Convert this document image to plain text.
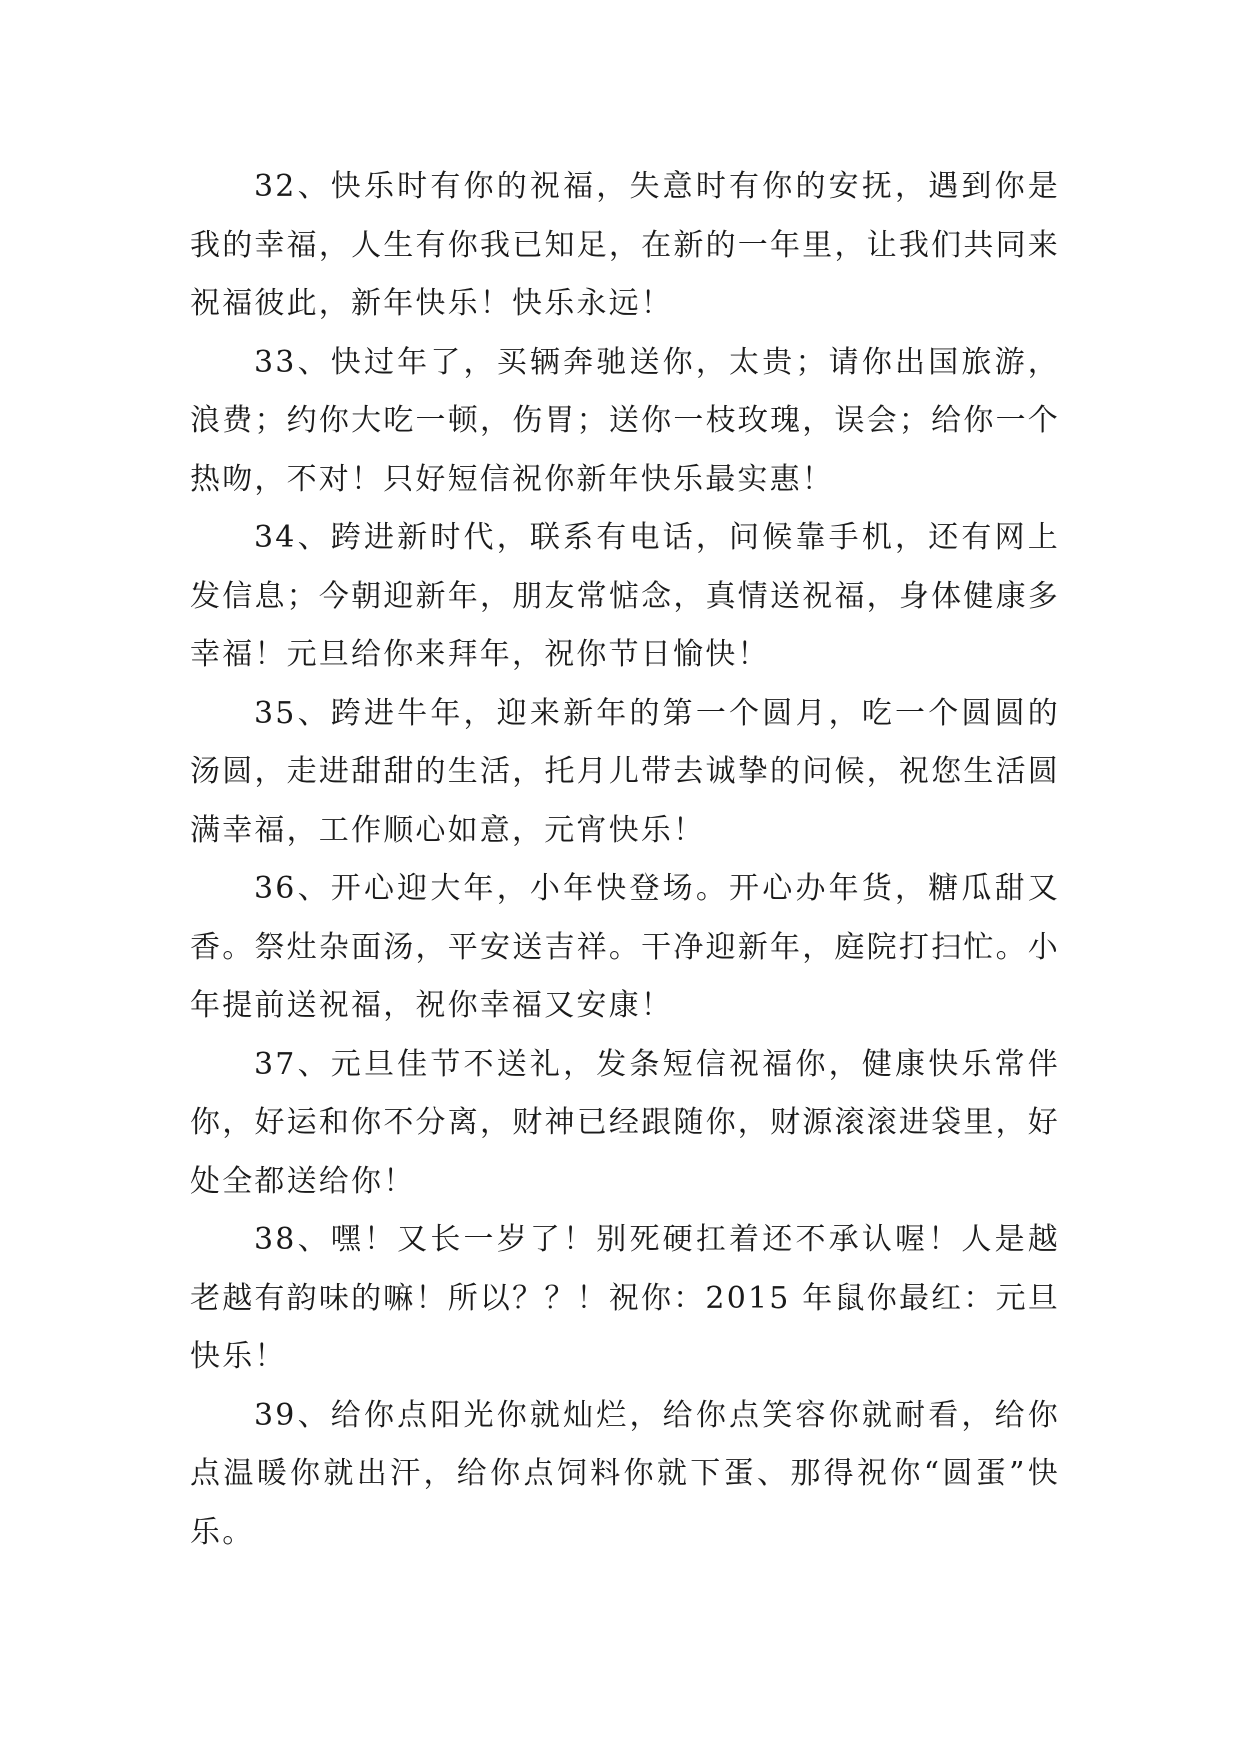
32、快乐时有你的祝福，失意时有你的安抚，遇到你是我的幸福，人生有你我已知足，在新的一年里，让我们共同来祝福彼此，新年快乐！快乐永远！

33、快过年了，买辆奔驰送你，太贵；请你出国旅游，浪费；约你大吃一顿，伤胃；送你一枝玫瑰，误会；给你一个热吻，不对！只好短信祝你新年快乐最实惠！

34、跨进新时代，联系有电话，问候靠手机，还有网上发信息；今朝迎新年，朋友常惦念，真情送祝福，身体健康多幸福！元旦给你来拜年，祝你节日愉快！

35、跨进牛年，迎来新年的第一个圆月，吃一个圆圆的汤圆，走进甜甜的生活，托月儿带去诚挚的问候，祝您生活圆满幸福，工作顺心如意，元宵快乐！

36、开心迎大年，小年快登场。开心办年货，糖瓜甜又香。祭灶杂面汤，平安送吉祥。干净迎新年，庭院打扫忙。小年提前送祝福，祝你幸福又安康！

37、元旦佳节不送礼，发条短信祝福你，健康快乐常伴你，好运和你不分离，财神已经跟随你，财源滚滚进袋里，好处全都送给你！

38、嘿！又长一岁了！别死硬扛着还不承认喔！人是越老越有韵味的嘛！所以？？！祝你：2015 年鼠你最红：元旦快乐！

39、给你点阳光你就灿烂，给你点笑容你就耐看，给你点温暖你就出汗，给你点饲料你就下蛋、那得祝你“圆蛋”快乐。
